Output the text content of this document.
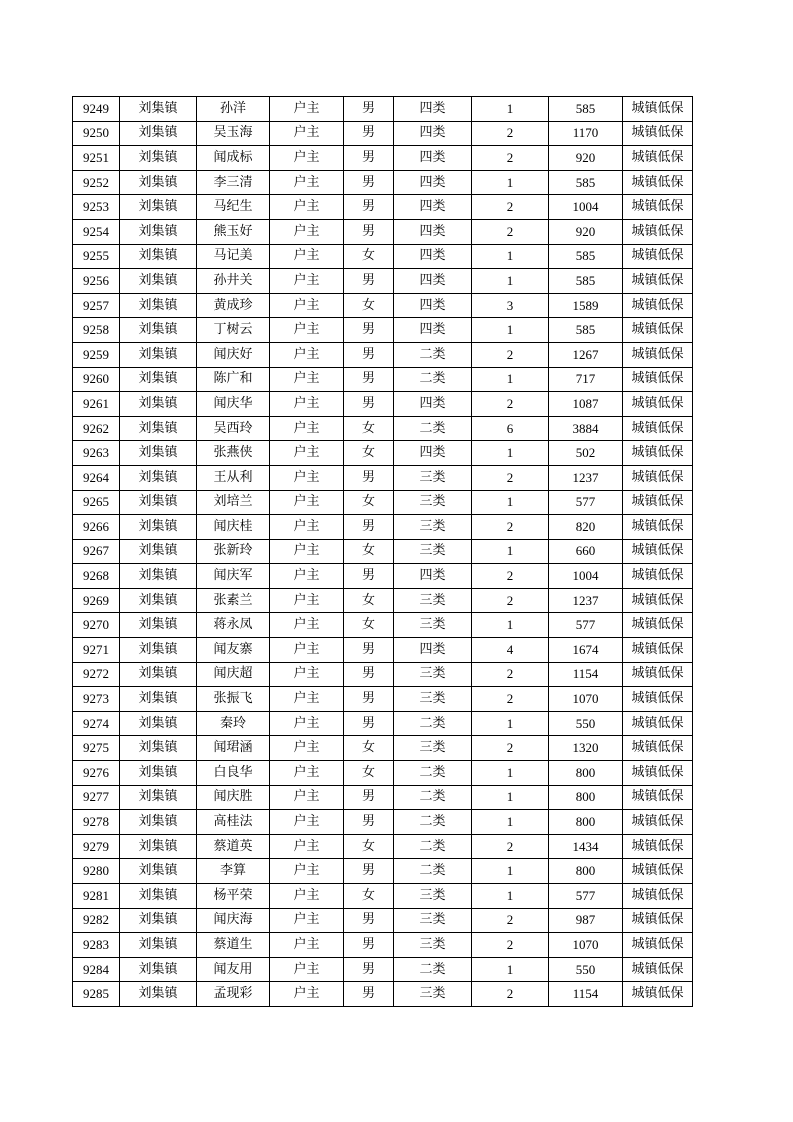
9249	刘集镇	孙洋	户主	男	四类	1	585	城镇低保
9250	刘集镇	吴玉海	户主	男	四类	2	1170	城镇低保
9251	刘集镇	闻成标	户主	男	四类	2	920	城镇低保
9252	刘集镇	李三清	户主	男	四类	1	585	城镇低保
9253	刘集镇	马纪生	户主	男	四类	2	1004	城镇低保
9254	刘集镇	熊玉好	户主	男	四类	2	920	城镇低保
9255	刘集镇	马记美	户主	女	四类	1	585	城镇低保
9256	刘集镇	孙井关	户主	男	四类	1	585	城镇低保
9257	刘集镇	黄成珍	户主	女	四类	3	1589	城镇低保
9258	刘集镇	丁树云	户主	男	四类	1	585	城镇低保
9259	刘集镇	闻庆好	户主	男	二类	2	1267	城镇低保
9260	刘集镇	陈广和	户主	男	二类	1	717	城镇低保
9261	刘集镇	闻庆华	户主	男	四类	2	1087	城镇低保
9262	刘集镇	吴西玲	户主	女	二类	6	3884	城镇低保
9263	刘集镇	张燕侠	户主	女	四类	1	502	城镇低保
9264	刘集镇	王从利	户主	男	三类	2	1237	城镇低保
9265	刘集镇	刘培兰	户主	女	三类	1	577	城镇低保
9266	刘集镇	闻庆桂	户主	男	三类	2	820	城镇低保
9267	刘集镇	张新玲	户主	女	三类	1	660	城镇低保
9268	刘集镇	闻庆军	户主	男	四类	2	1004	城镇低保
9269	刘集镇	张素兰	户主	女	三类	2	1237	城镇低保
9270	刘集镇	蒋永凤	户主	女	三类	1	577	城镇低保
9271	刘集镇	闻友寨	户主	男	四类	4	1674	城镇低保
9272	刘集镇	闻庆超	户主	男	三类	2	1154	城镇低保
9273	刘集镇	张振飞	户主	男	三类	2	1070	城镇低保
9274	刘集镇	秦玲	户主	男	二类	1	550	城镇低保
9275	刘集镇	闻珺涵	户主	女	三类	2	1320	城镇低保
9276	刘集镇	白良华	户主	女	二类	1	800	城镇低保
9277	刘集镇	闻庆胜	户主	男	二类	1	800	城镇低保
9278	刘集镇	高桂法	户主	男	二类	1	800	城镇低保
9279	刘集镇	蔡道英	户主	女	二类	2	1434	城镇低保
9280	刘集镇	李算	户主	男	二类	1	800	城镇低保
9281	刘集镇	杨平荣	户主	女	三类	1	577	城镇低保
9282	刘集镇	闻庆海	户主	男	三类	2	987	城镇低保
9283	刘集镇	蔡道生	户主	男	三类	2	1070	城镇低保
9284	刘集镇	闻友用	户主	男	二类	1	550	城镇低保
9285	刘集镇	孟现彩	户主	男	三类	2	1154	城镇低保
